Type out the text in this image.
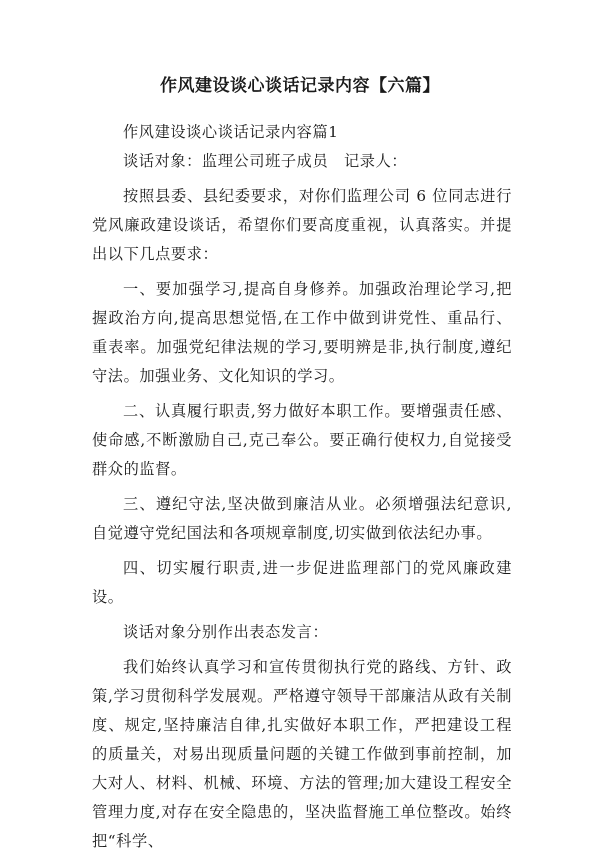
作风建设谈心谈话记录内容【六篇】

作风建设谈心谈话记录内容篇1

谈话对象：监理公司班子成员　记录人：

按照县委、县纪委要求，对你们监理公司 6 位同志进行党风廉政建设谈话，希望你们要高度重视，认真落实。并提出以下几点要求：

一、要加强学习,提高自身修养。加强政治理论学习,把握政治方向,提高思想觉悟,在工作中做到讲党性、重品行、重表率。加强党纪律法规的学习,要明辨是非,执行制度,遵纪守法。加强业务、文化知识的学习。

二、认真履行职责,努力做好本职工作。要增强责任感、使命感,不断激励自己,克己奉公。要正确行使权力,自觉接受群众的监督。

三、遵纪守法,坚决做到廉洁从业。必须增强法纪意识,自觉遵守党纪国法和各项规章制度,切实做到依法纪办事。

四、切实履行职责,进一步促进监理部门的党风廉政建设。

谈话对象分别作出表态发言：

我们始终认真学习和宣传贯彻执行党的路线、方针、政策,学习贯彻科学发展观。严格遵守领导干部廉洁从政有关制度、规定,坚持廉洁自律,扎实做好本职工作，严把建设工程的质量关，对易出现质量问题的关键工作做到事前控制，加大对人、材料、机械、环境、方法的管理;加大建设工程安全管理力度,对存在安全隐患的，坚决监督施工单位整改。始终把“科学、
